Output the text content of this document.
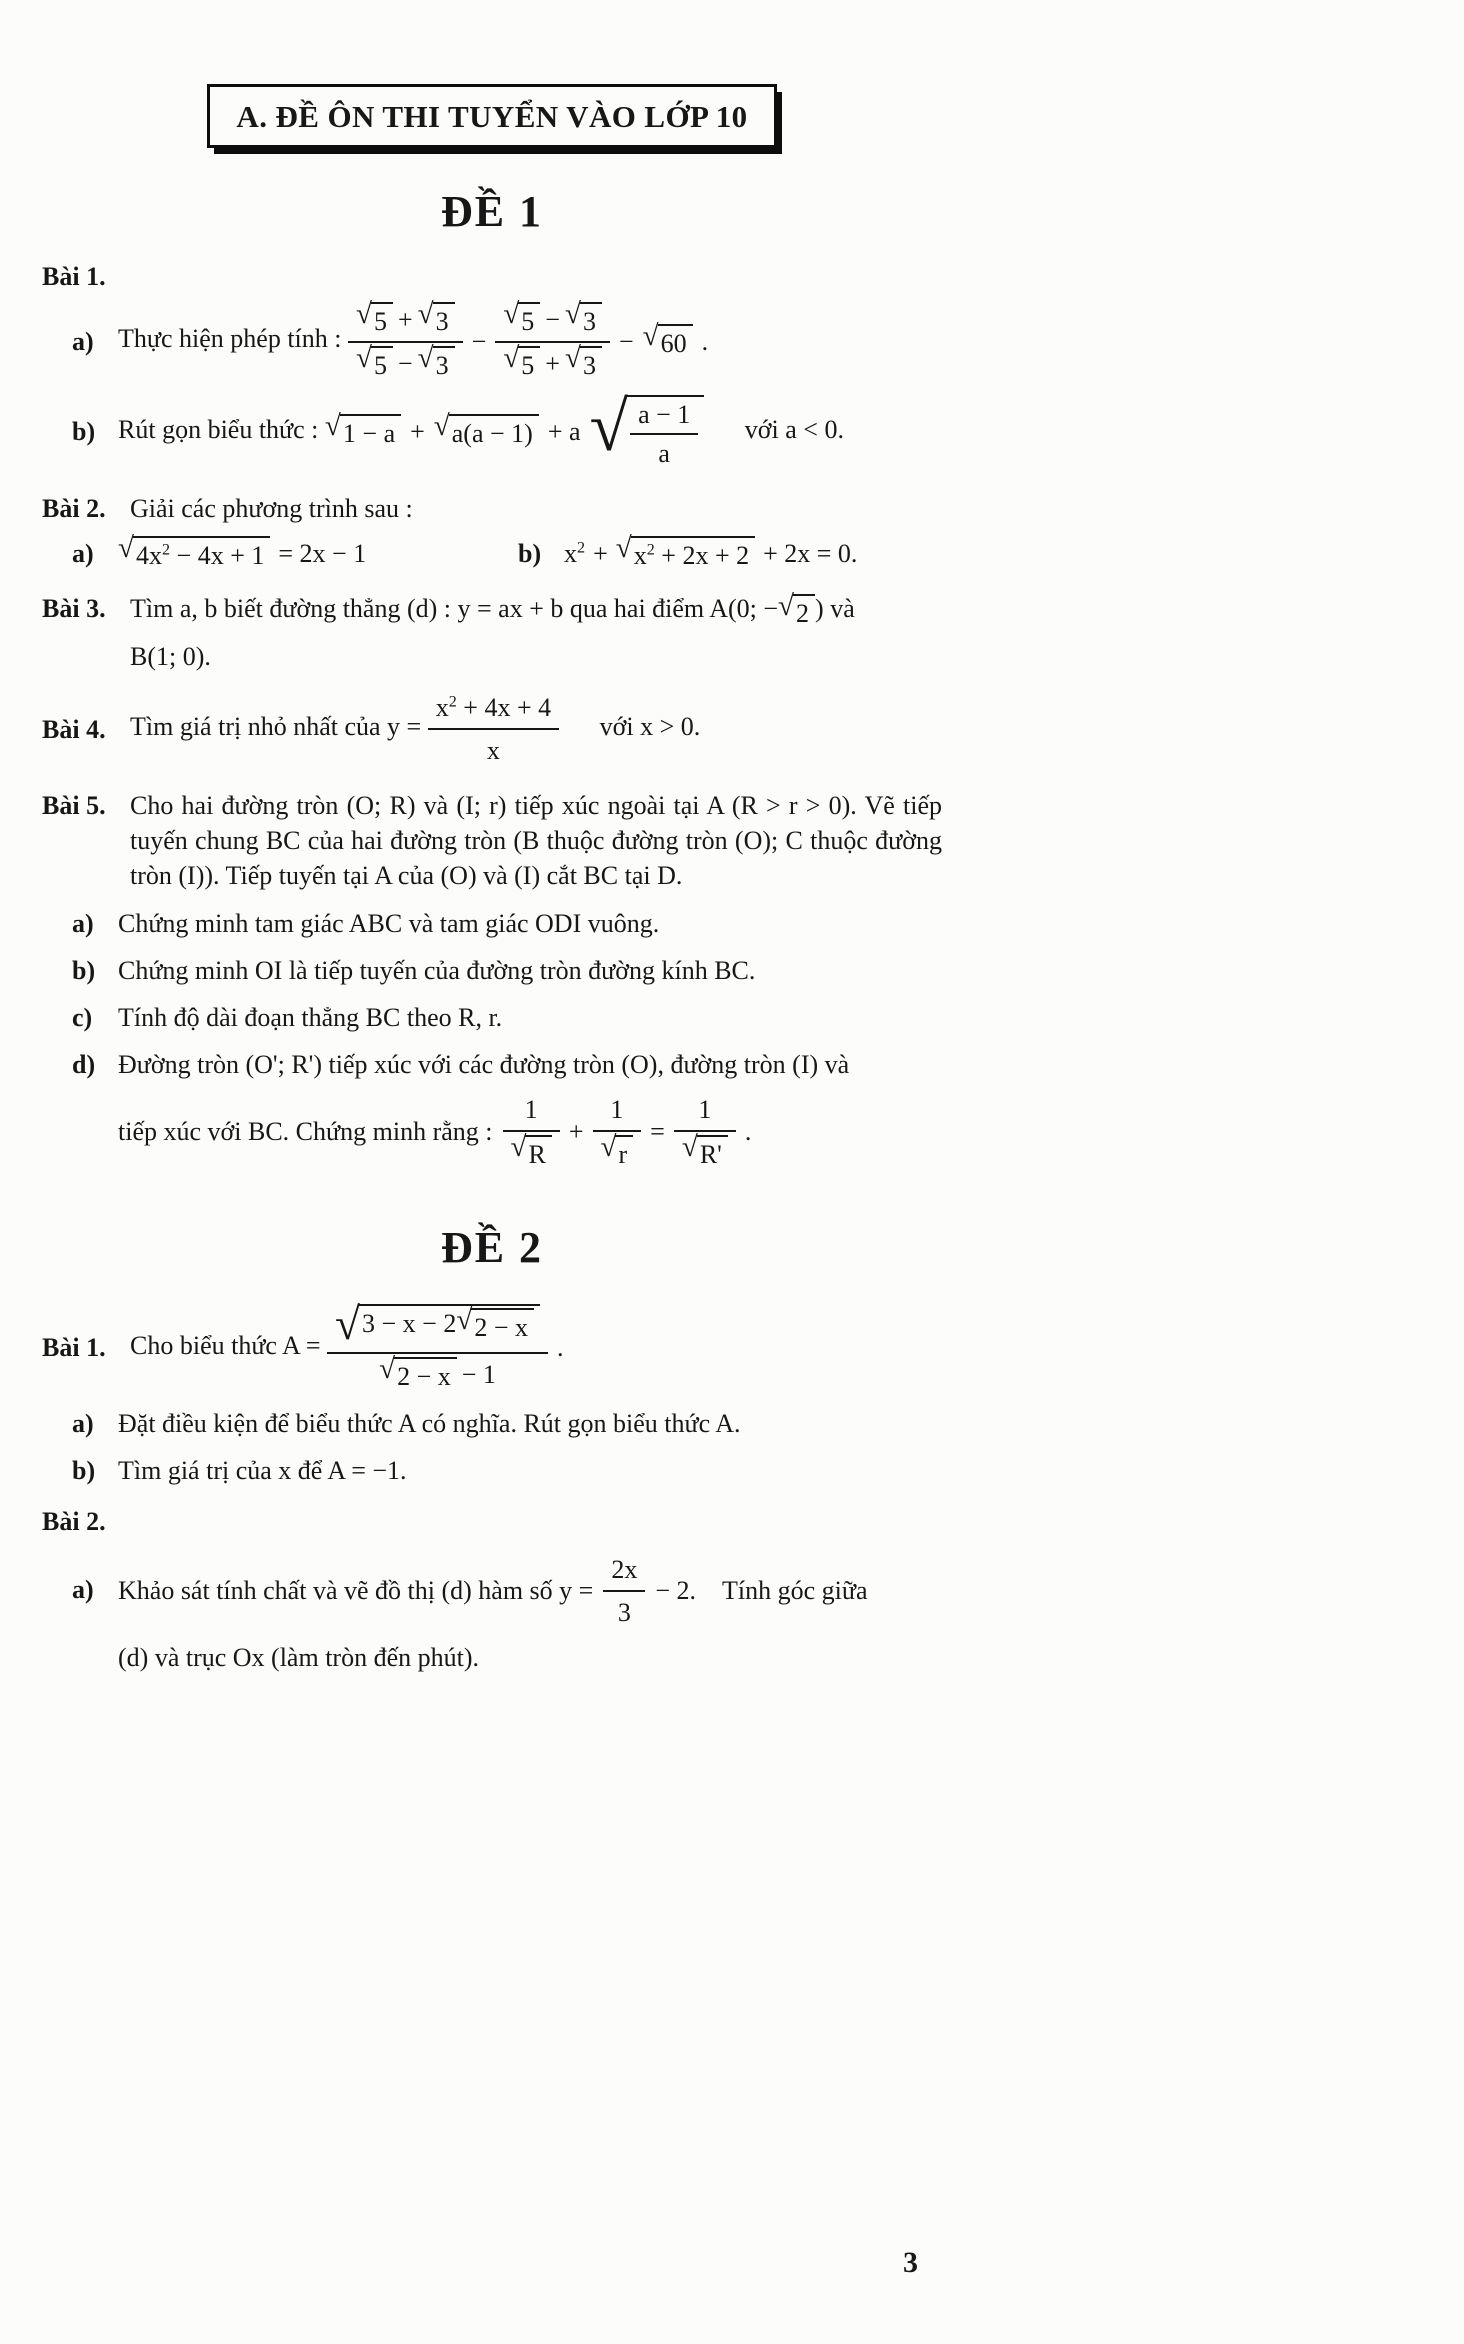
A. ĐỀ ÔN THI TUYỂN VÀO LỚP 10
ĐỀ 1
Bài 1.
a) Thực hiện phép tính : $\frac{√ 5 + √ 3}{√ 5 - √ 3} - \frac{√ 5 - √ 3}{√ 5 + √ 3}$ − √ 60 .
b) Rút gọn biểu thức : √ 1 − a + √ a(a − 1) + a √ $\frac{a - 1}{a}$ với a < 0.
Bài 2. Giải các phương trình sau :
a) √ $4x^2 - 4x + 1 = 2x - 1$	b) $x^2$ + √ $x^2 + 2x + 2 + 2x = 0$.
Bài 3. Tìm a, b biết đường thẳng (d) : y = ax + b qua hai điểm A(0; − √ 2 ) và
B(1; 0).
Bài 4. Tìm giá trị nhỏ nhất của $y = \frac{x^2 + 4x + 4}{x}$ với x > 0.
Bài 5. Cho hai đường tròn (O; R) và (I; r) tiếp xúc ngoài tại A (R > r > 0). Vẽ tiếp tuyến chung BC của hai đường tròn (B thuộc đường tròn (O); C thuộc đường tròn (I)). Tiếp tuyến tại A của (O) và (I) cắt BC tại D.
a) Chứng minh tam giác ABC và tam giác ODI vuông.
b) Chứng minh OI là tiếp tuyến của đường tròn đường kính BC.
c) Tính độ dài đoạn thẳng BC theo R, r.
d) Đường tròn (O'; R') tiếp xúc với các đường tròn (O), đường tròn (I) và
tiếp xúc với BC. Chứng minh rằng : $\frac{1}{√ R} + \frac{1}{√ r} = \frac{1}{√ R'}$ .
ĐỀ 2
Bài 1. Cho biểu thức $A = \frac{√ 3 - x - 2 √ 2 - x}{√ 2 - x - 1}$ .
a) Đặt điều kiện để biểu thức A có nghĩa. Rút gọn biểu thức A.
b) Tìm giá trị của x để A = −1.
Bài 2.
a) Khảo sát tính chất và vẽ đồ thị (d) hàm số $y = \frac{2x}{3} - 2$. Tính góc giữa
(d) và trục Ox (làm tròn đến phút).
3
